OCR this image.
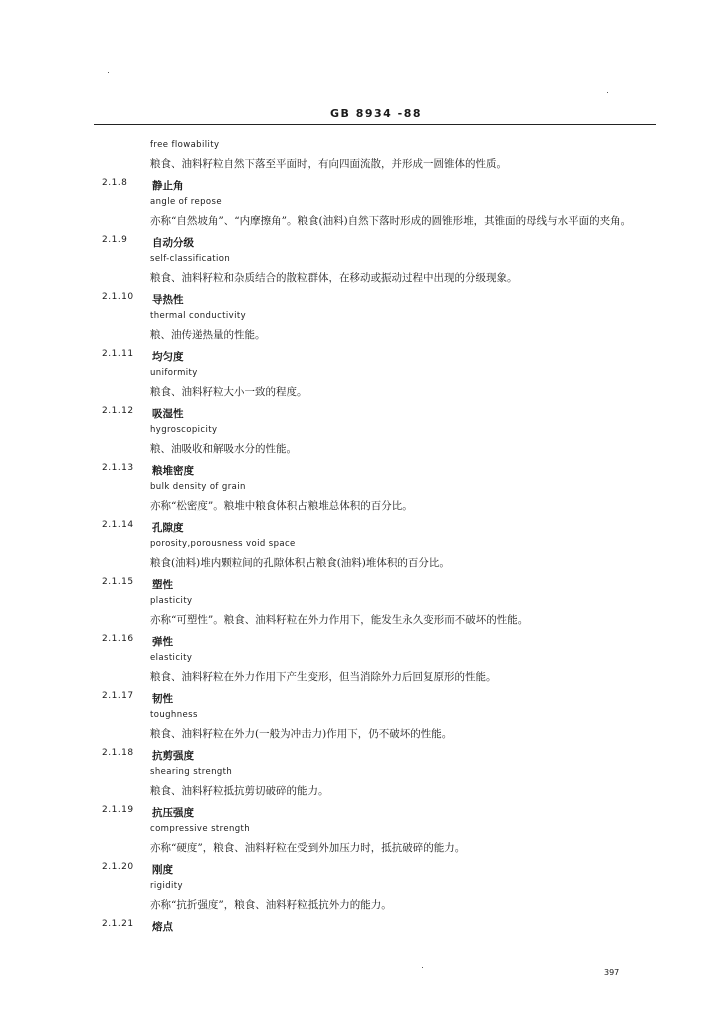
GB 8934 -88
free flowability
粮食、油料籽粒自然下落至平面时，有向四面流散，并形成一圆锥体的性质。
2.1.8 静止角
angle of repose
亦称“自然坡角”、“内摩擦角”。粮食(油料)自然下落时形成的圆锥形堆，其锥面的母线与水平面的夹角。
2.1.9 自动分级
self-classification
粮食、油料籽粒和杂质结合的散粒群体，在移动或振动过程中出现的分级现象。
2.1.10 导热性
thermal conductivity
粮、油传递热量的性能。
2.1.11 均匀度
uniformity
粮食、油料籽粒大小一致的程度。
2.1.12 吸湿性
hygroscopicity
粮、油吸收和解吸水分的性能。
2.1.13 粮堆密度
bulk density of grain
亦称“松密度”。粮堆中粮食体积占粮堆总体积的百分比。
2.1.14 孔隙度
porosity,porousness void space
粮食(油料)堆内颗粒间的孔隙体积占粮食(油料)堆体积的百分比。
2.1.15 塑性
plasticity
亦称“可塑性”。粮食、油料籽粒在外力作用下，能发生永久变形而不破坏的性能。
2.1.16 弹性
elasticity
粮食、油料籽粒在外力作用下产生变形，但当消除外力后回复原形的性能。
2.1.17 韧性
toughness
粮食、油料籽粒在外力(一般为冲击力)作用下，仍不破坏的性能。
2.1.18 抗剪强度
shearing strength
粮食、油料籽粒抵抗剪切破碎的能力。
2.1.19 抗压强度
compressive strength
亦称“硬度”，粮食、油料籽粒在受到外加压力时，抵抗破碎的能力。
2.1.20 刚度
rigidity
亦称“抗折强度”，粮食、油料籽粒抵抗外力的能力。
2.1.21 熔点
397
